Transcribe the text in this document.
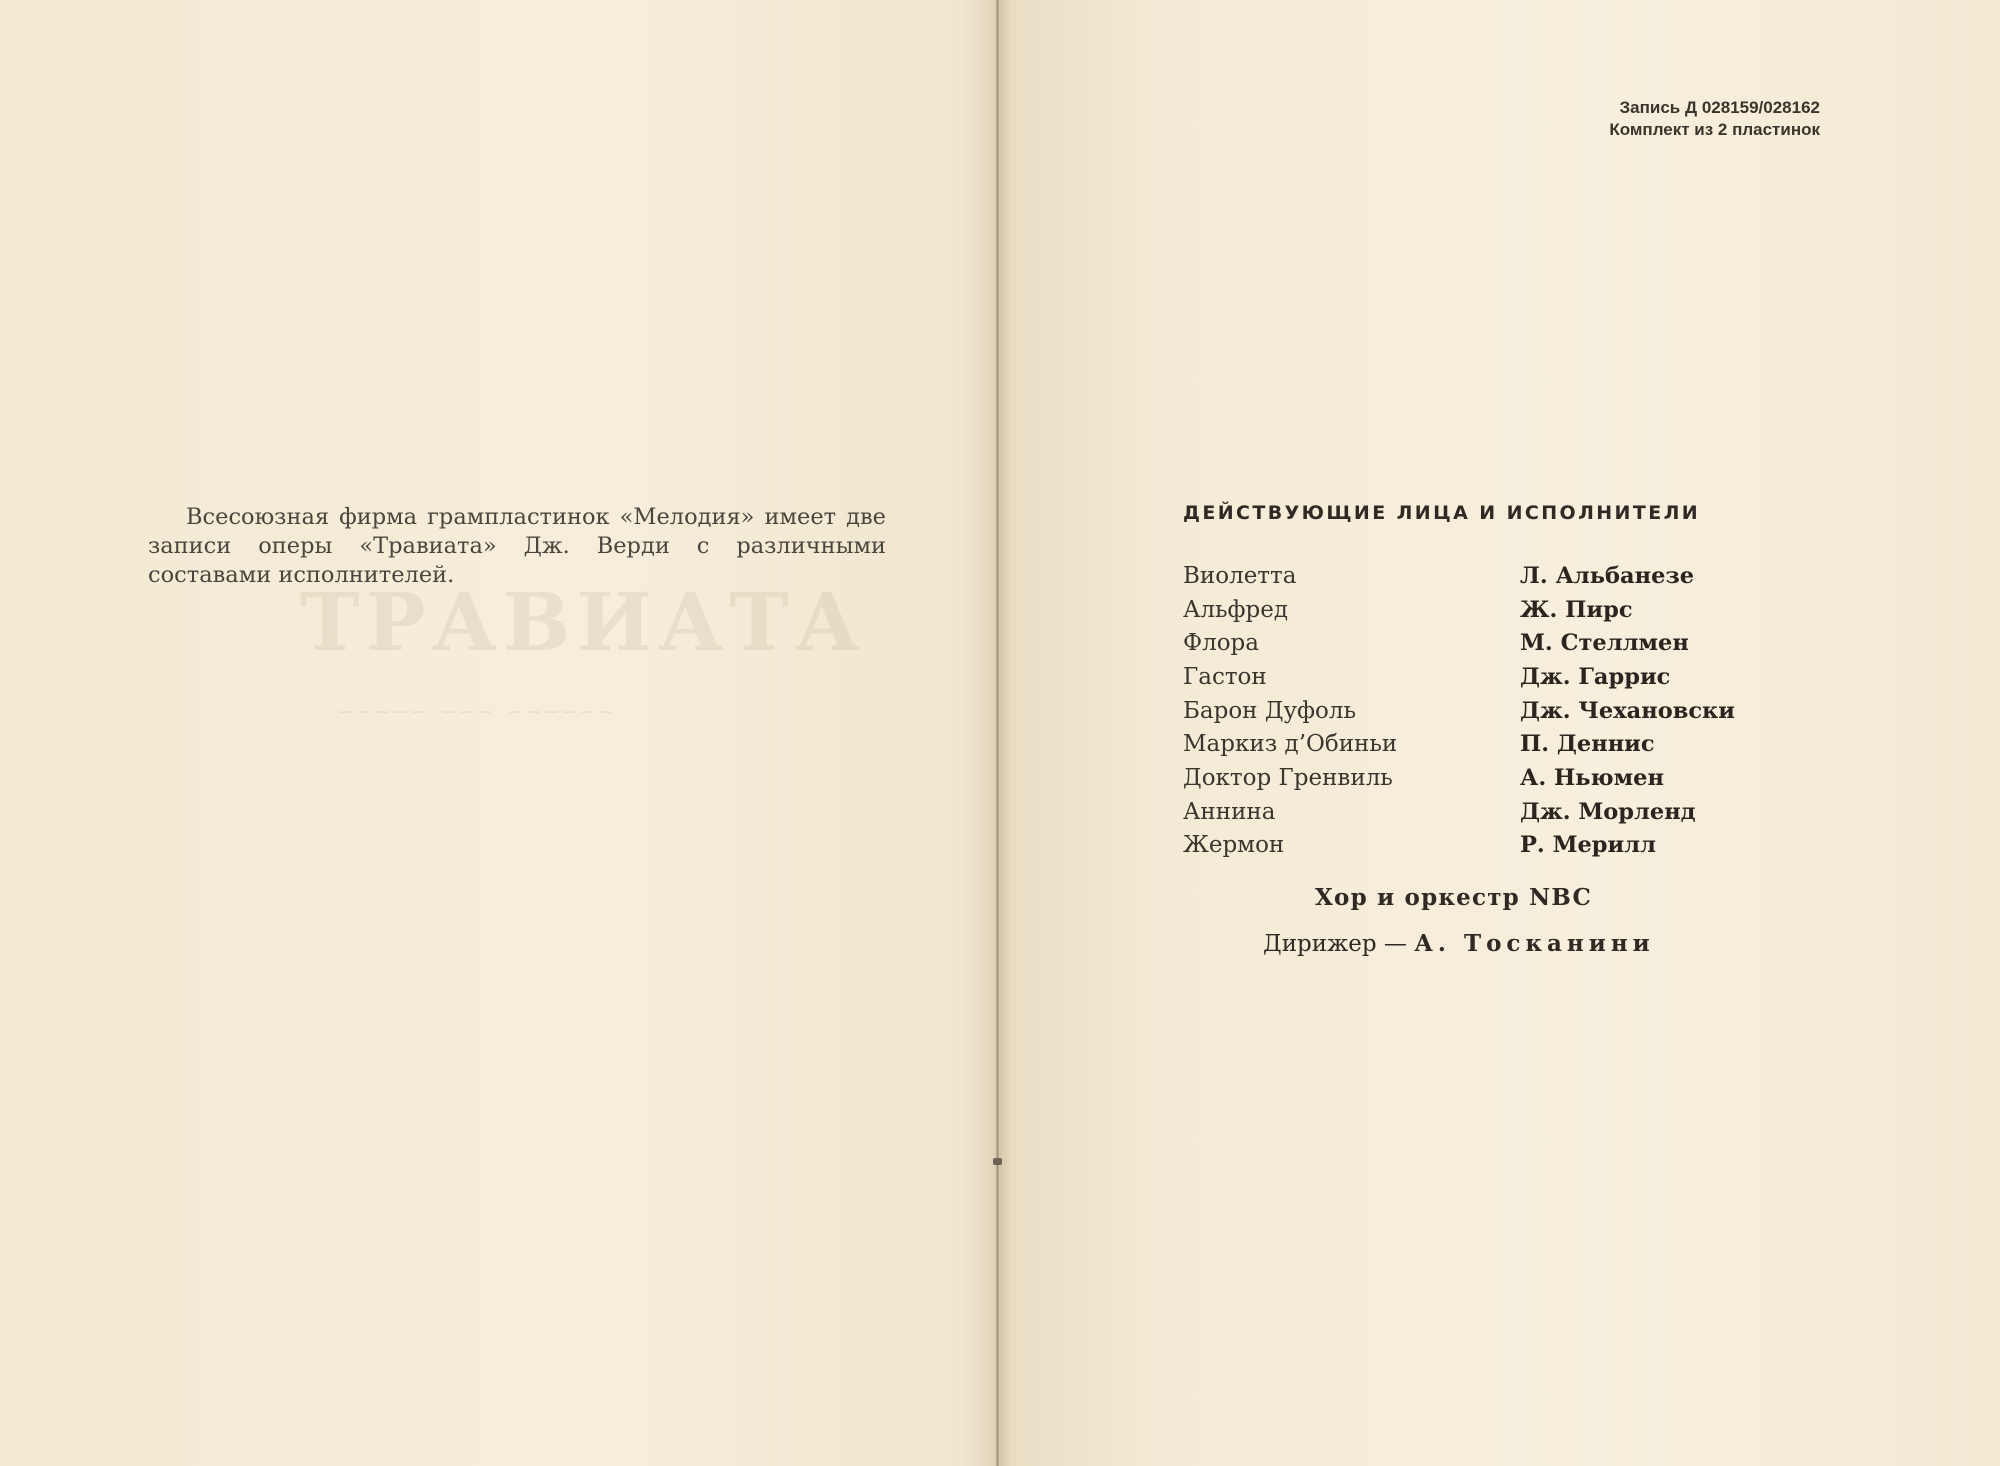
ТРАВИАТА
───── ─── ──────
Всесоюзная фирма грампластинок «Мелодия» имеет две записи оперы «Травиата» Дж. Верди с различными составами исполнителей.
Запись Д 028159/028162
Комплект из 2 пластинок
ДЕЙСТВУЮЩИЕ ЛИЦА И ИСПОЛНИТЕЛИ
Виолетта	Л. Альбанезе
Альфред	Ж. Пирс
Флора	М. Стеллмен
Гастон	Дж. Гаррис
Барон Дуфоль	Дж. Чехановски
Маркиз д’Обиньи	П. Деннис
Доктор Гренвиль	А. Ньюмен
Аннина	Дж. Морленд
Жермон	Р. Мерилл
Хор и оркестр NBC
Дирижер — А. Тосканини
